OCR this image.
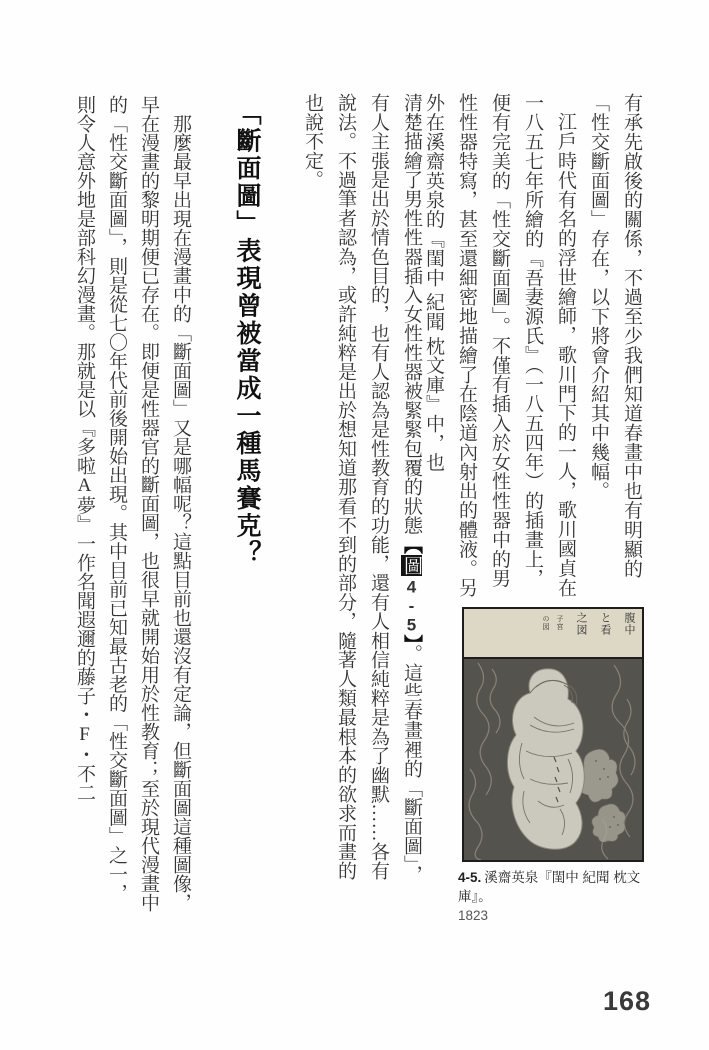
有承先啟後的關係，不過至少我們知道春畫中也有明顯的「性交斷面圖」存在，以下將會介紹其中幾幅。

江戶時代有名的浮世繪師，歌川門下的一人，歌川國貞在一八五七年所繪的『吾妻源氏』（一八五四年）的插畫上，便有完美的「性交斷面圖」。不僅有插入於女性性器中的男性性器特寫，甚至還細密地描繪了在陰道內射出的體液。另外在溪齋英泉的『閨中 紀聞 枕文庫』中，也

清楚描繪了男性性器插入女性性器被緊緊包覆的狀態【圖4-5】。這些春畫裡的「斷面圖」，有人主張是出於情色目的，也有人認為是性教育的功能，還有人相信純粹是為了幽默……各有說法。不過筆者認為，或許純粹是出於想知道那看不到的部分，隨著人類最根本的欲求而畫的也說不定。

「斷面圖」表現曾被當成一種馬賽克？

那麼最早出現在漫畫中的「斷面圖」又是哪幅呢？這點目前也還沒有定論，但斷面圖這種圖像，早在漫畫的黎明期便已存在。即便是性器官的斷面圖，也很早就開始用於性教育；至於現代漫畫中的「性交斷面圖」，則是從七〇年代前後開始出現。其中目前已知最古老的「性交斷面圖」之一，則令人意外地是部科幻漫畫。那就是以『多啦A夢』一作名聞遐邇的藤子・F・不二

腹中
と看
之図
子宮
の図
4-5. 溪齋英泉『閨中 紀聞 枕文庫』。
1823
168
